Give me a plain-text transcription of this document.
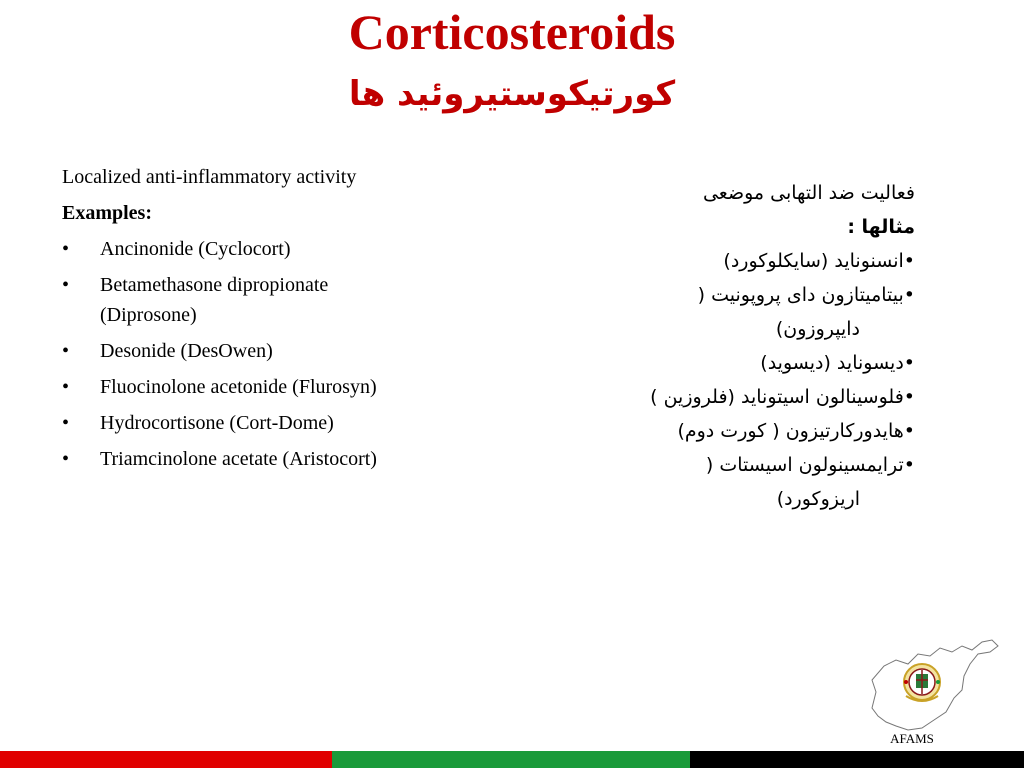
Corticosteroids
کورتیکوستیروئید ها

Localized anti-inflammatory activity

Examples:

• Ancinonide (Cyclocort)
• Betamethasone dipropionate (Diprosone)
• Desonide (DesOwen)
• Fluocinolone acetonide (Flurosyn)
• Hydrocortisone (Cort-Dome)
• Triamcinolone acetate (Aristocort)

فعالیت ضد التهابی موضعی

مثالها :

•انسنونايد (سايكلوكورد)
•بيتاميتازون داى پروپونيت (
دايپروزون)
•ديسونايد (ديسويد)
•فلوسينالون اسيتونايد (فلروزين )
•هايدوركارتيزون ( كورت دوم)
•ترايمسينولون اسيستات (
اريزوكورد)
AFAMS
